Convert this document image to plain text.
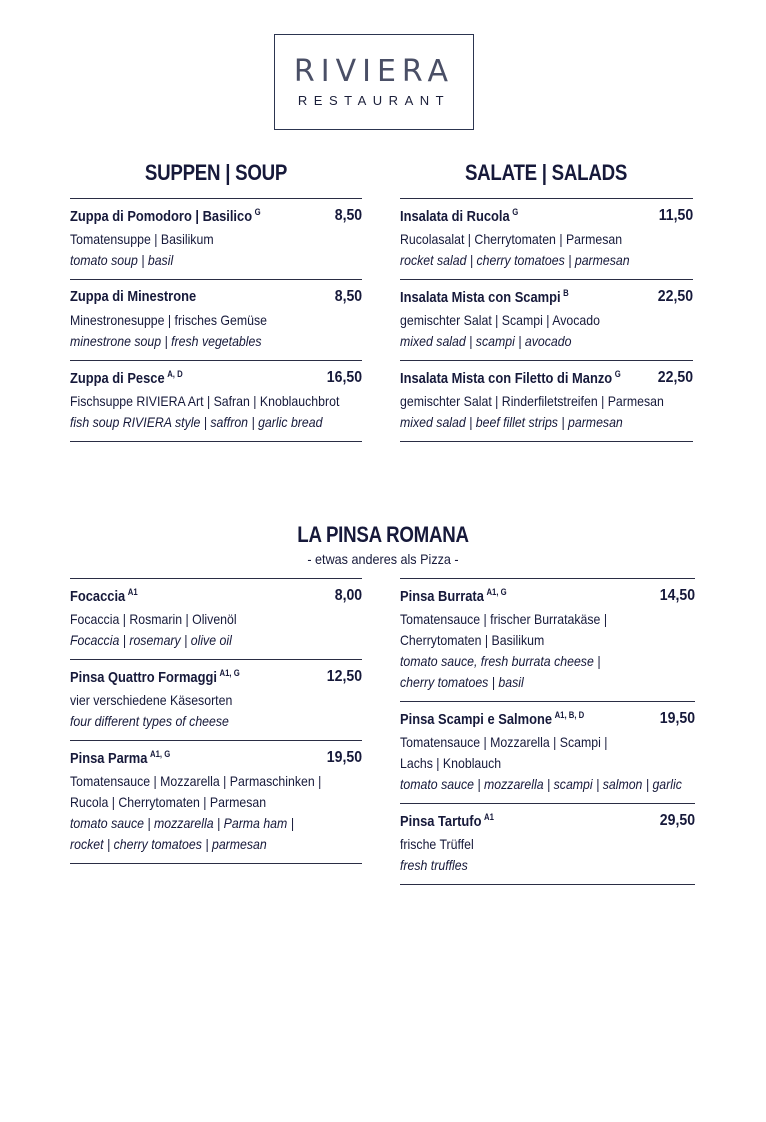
RIVIERA
RESTAURANT
SUPPEN | SOUP	SALATE | SALADS
LA PINSA ROMANA
- etwas anderes als Pizza -
Zuppa di Pomodoro | Basilico $^G$	8,50
Tomatensuppe | Basilikum
tomato soup | basil
Zuppa di Minestrone	8,50
Minestronesuppe | frisches Gemüse
minestrone soup | fresh vegetables
Zuppa di Pesce $^{A, D}$	16,50
Fischsuppe RIVIERA Art | Safran | Knoblauchbrot
fish soup RIVIERA style | saffron | garlic bread
Insalata di Rucola $^G$	11,50
Rucolasalat | Cherrytomaten | Parmesan
rocket salad | cherry tomatoes | parmesan
Insalata Mista con Scampi $^B$	22,50
gemischter Salat | Scampi | Avocado
mixed salad | scampi | avocado
Insalata Mista con Filetto di Manzo $^G$ 22,50
gemischter Salat | Rinderfiletstreifen | Parmesan
mixed salad | beef fillet strips | parmesan
Focaccia $^{A1}$	8,00
Focaccia | Rosmarin | Olivenöl
Focaccia | rosemary | olive oil
Pinsa Quattro Formaggi $^{A1, G}$	12,50
vier verschiedene Käsesorten
four different types of cheese
Pinsa Parma $^{A1, G}$	19,50
Tomatensauce | Mozzarella | Parmaschinken |
Rucola | Cherrytomaten | Parmesan
tomato sauce | mozzarella | Parma ham |
rocket | cherry tomatoes | parmesan
Pinsa Burrata $^{A1, G}$	14,50
Tomatensauce | frischer Burratakäse |
Cherrytomaten | Basilikum
tomato sauce, fresh burrata cheese |
cherry tomatoes | basil
Pinsa Scampi e Salmone $^{A1, B, D}$	19,50
Tomatensauce | Mozzarella | Scampi |
Lachs | Knoblauch
tomato sauce | mozzarella | scampi | salmon | garlic
Pinsa Tartufo $^{A1}$	29,50
frische Trüffel
fresh truffles
